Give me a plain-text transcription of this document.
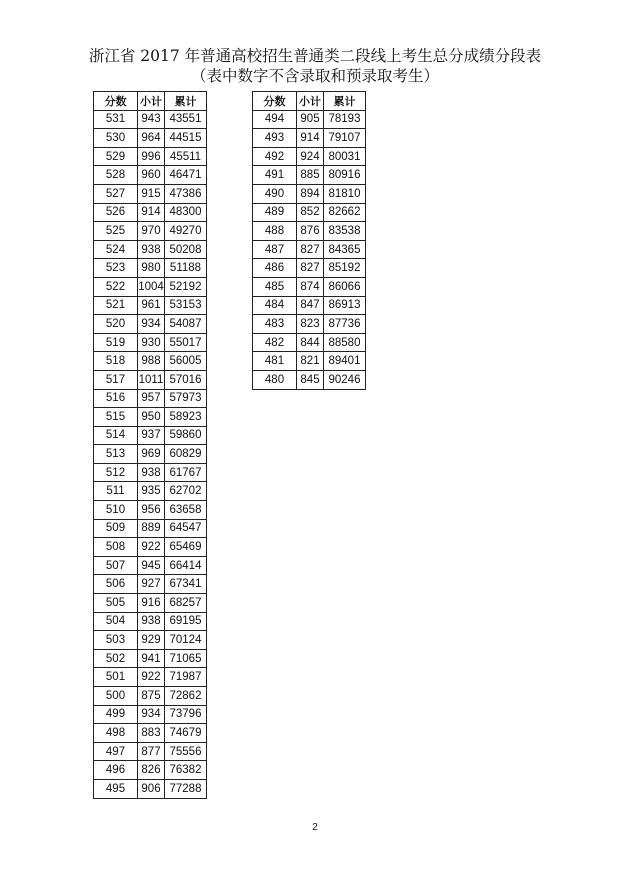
浙江省 2017 年普通高校招生普通类二段线上考生总分成绩分段表
（表中数字不含录取和预录取考生）
分数	小计	累计
531	943	43551
530	964	44515
529	996	45511
528	960	46471
527	915	47386
526	914	48300
525	970	49270
524	938	50208
523	980	51188
522	1004	52192
521	961	53153
520	934	54087
519	930	55017
518	988	56005
517	1011	57016
516	957	57973
515	950	58923
514	937	59860
513	969	60829
512	938	61767
511	935	62702
510	956	63658
509	889	64547
508	922	65469
507	945	66414
506	927	67341
505	916	68257
504	938	69195
503	929	70124
502	941	71065
501	922	71987
500	875	72862
499	934	73796
498	883	74679
497	877	75556
496	826	76382
495	906	77288
分数	小计	累计
494	905	78193
493	914	79107
492	924	80031
491	885	80916
490	894	81810
489	852	82662
488	876	83538
487	827	84365
486	827	85192
485	874	86066
484	847	86913
483	823	87736
482	844	88580
481	821	89401
480	845	90246
2
